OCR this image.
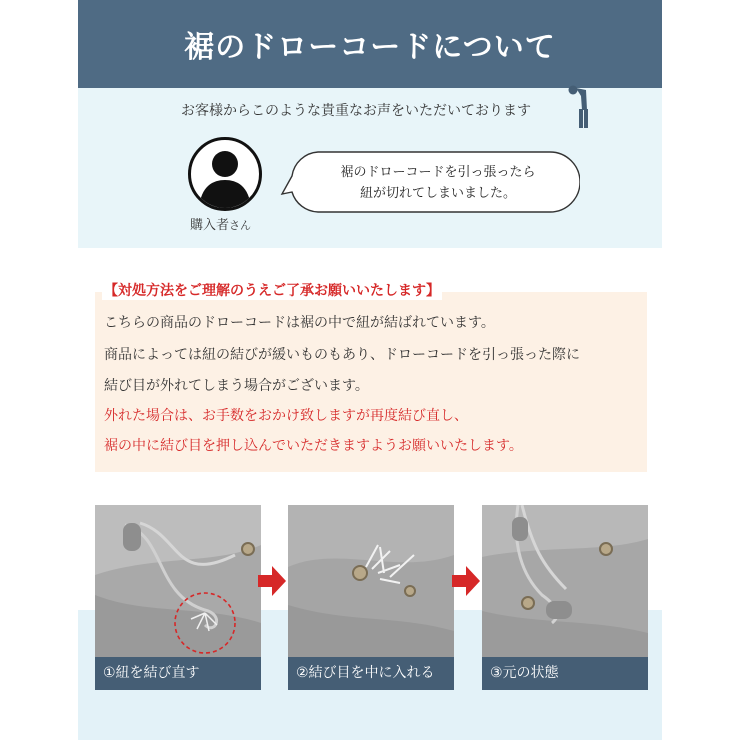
裾のドローコードについて
お客様からこのような貴重なお声をいただいております
購入者さん
裾のドローコードを引っ張ったら
紐が切れてしまいました。
【対処方法をご理解のうえご了承お願いいたします】
こちらの商品のドローコードは裾の中で紐が結ばれています。
商品によっては紐の結びが緩いものもあり、ドローコードを引っ張った際に
結び目が外れてしまう場合がございます。
外れた場合は、お手数をおかけ致しますが再度結び直し、
裾の中に結び目を押し込んでいただきますようお願いいたします。
①紐を結び直す	②結び目を中に入れる	③元の状態
